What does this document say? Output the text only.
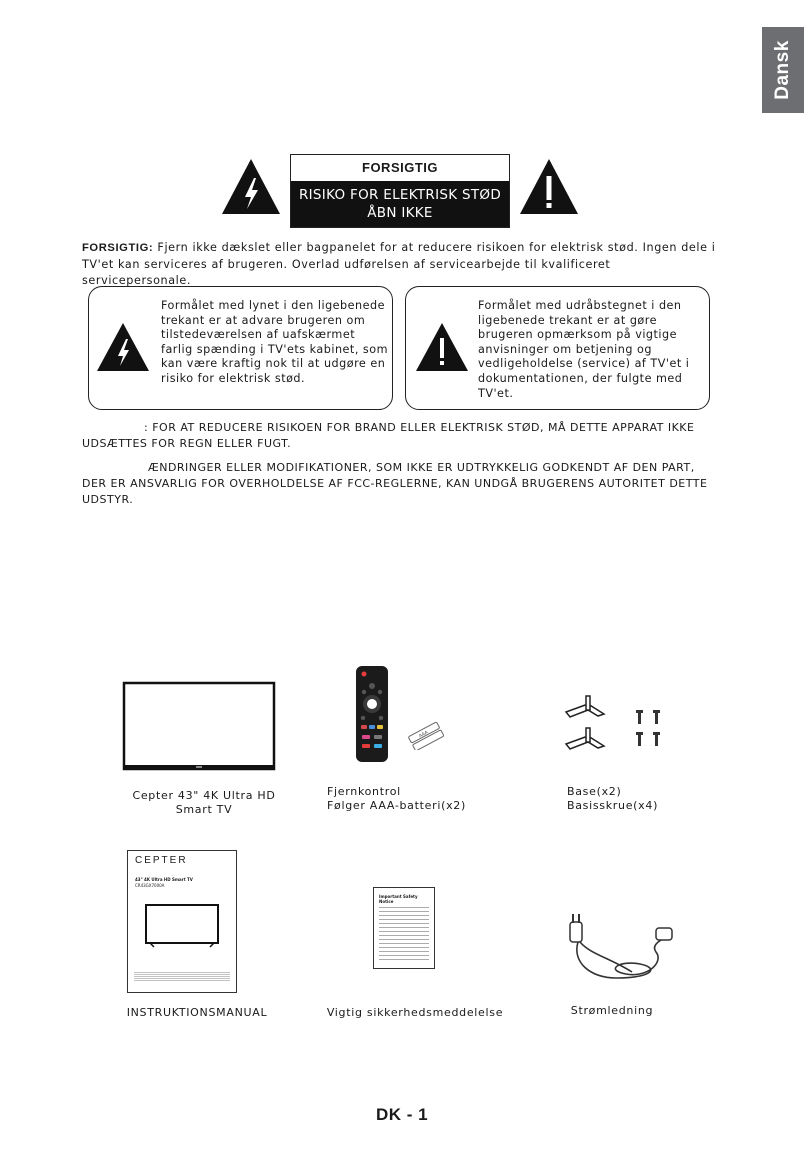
Dansk
FORSIGTIG
RISIKO FOR ELEKTRISK STØD
ÅBN IKKE
FORSIGTIG: Fjern ikke dækslet eller bagpanelet for at reducere risikoen for elektrisk stød. Ingen dele i TV'et kan serviceres af brugeren. Overlad udførelsen af servicearbejde til kvalificeret servicepersonale.
Formålet med lynet i den ligebenede
trekant er at advare brugeren om
tilstedeværelsen af uafskærmet
farlig spænding i TV'ets kabinet, som
kan være kraftig nok til at udgøre en
risiko for elektrisk stød.
Formålet med udråbstegnet i den
ligebenede trekant er at gøre
brugeren opmærksom på vigtige
anvisninger om betjening og
vedligeholdelse (service) af TV'et i
dokumentationen, der fulgte med
TV'et.
: FOR AT REDUCERE RISIKOEN FOR BRAND ELLER ELEKTRISK STØD, MÅ DETTE APPARAT IKKE
UDSÆTTES FOR REGN ELLER FUGT.
ÆNDRINGER ELLER MODIFIKATIONER, SOM IKKE ER UDTRYKKELIG GODKENDT AF DEN PART,
DER ER ANSVARLIG FOR OVERHOLDELSE AF FCC-REGLERNE, KAN UNDGÅ BRUGERENS AUTORITET DETTE
UDSTYR.
Cepter 43" 4K Ultra HD
Smart TV
AAA
Fjernkontrol
Følger AAA-batteri(x2)
Base(x2)
Basisskrue(x4)
CEPTER
43" 4K Ultra HD Smart TV
CR43GX7000A
INSTRUKTIONSMANUAL
Important Safety Notice
Vigtig sikkerhedsmeddelelse	Strømledning
DK - 1
